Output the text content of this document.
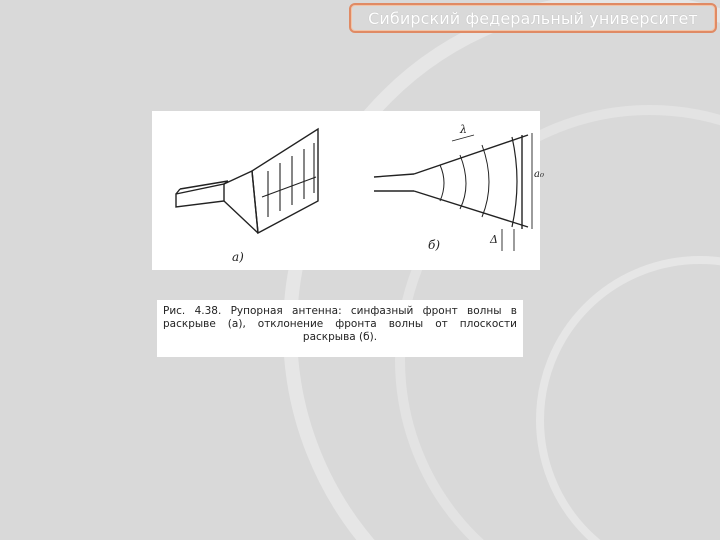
Сибирский федеральный университет
а)
б)
λ
a₀
Δ
Рис. 4.38. Рупорная антенна: синфазный фронт волны в
раскрыве (а), отклонение фронта волны от плоскости
раскрыва (б).
